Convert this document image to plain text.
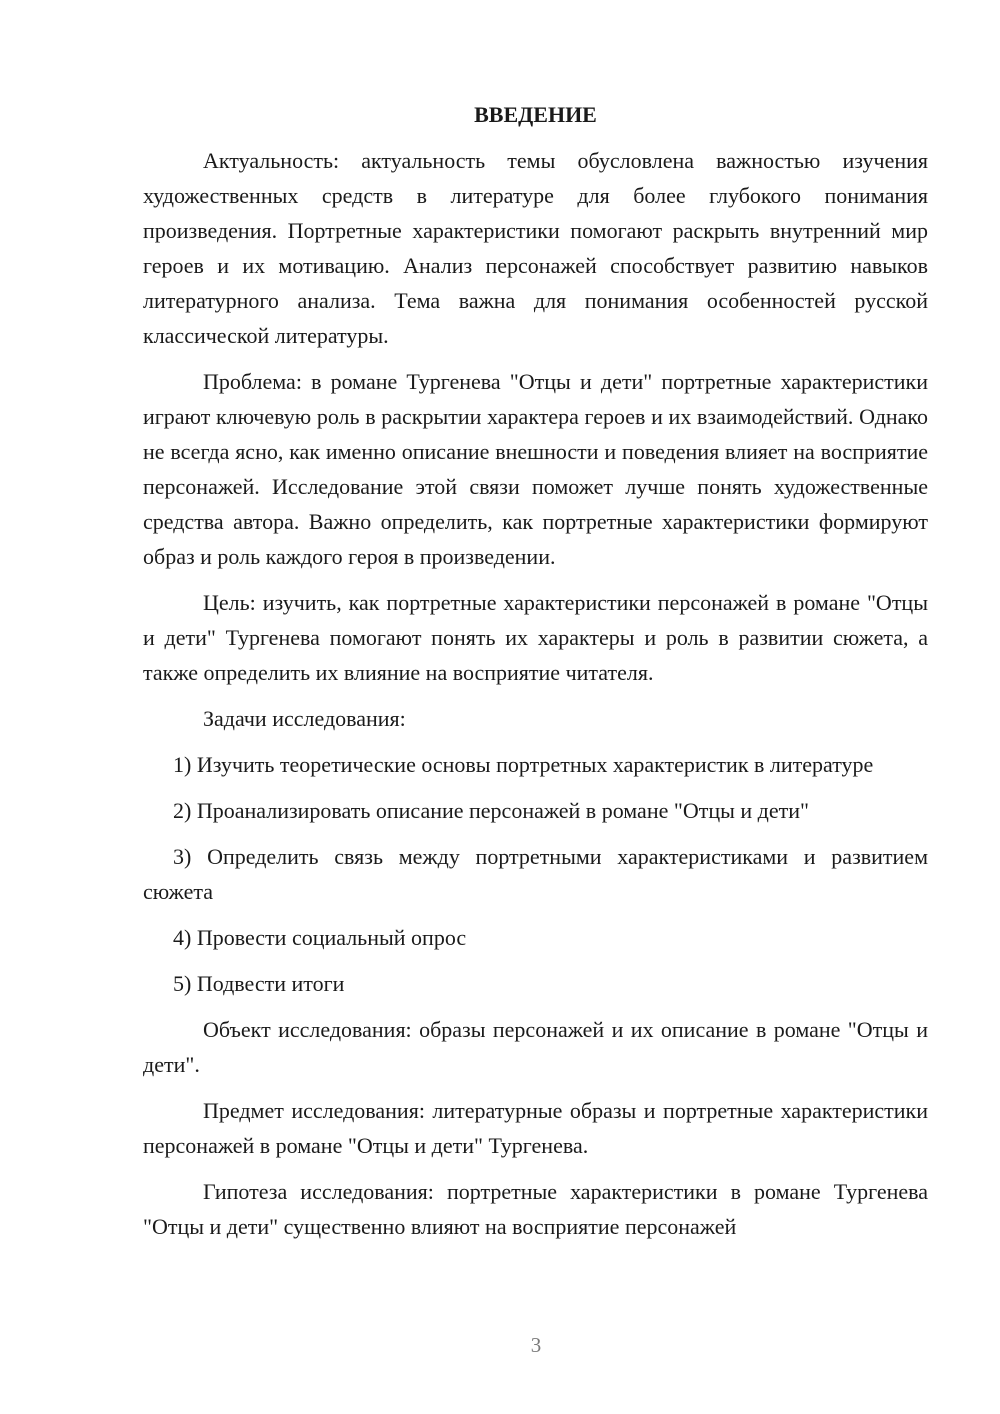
ВВЕДЕНИЕ

Актуальность: актуальность темы обусловлена важностью изучения художественных средств в литературе для более глубокого понимания произведения. Портретные характеристики помогают раскрыть внутренний мир героев и их мотивацию. Анализ персонажей способствует развитию навыков литературного анализа. Тема важна для понимания особенностей русской классической литературы.

Проблема: в романе Тургенева "Отцы и дети" портретные характеристики играют ключевую роль в раскрытии характера героев и их взаимодействий. Однако не всегда ясно, как именно описание внешности и поведения влияет на восприятие персонажей. Исследование этой связи поможет лучше понять художественные средства автора. Важно определить, как портретные характеристики формируют образ и роль каждого героя в произведении.

Цель: изучить, как портретные характеристики персонажей в романе "Отцы и дети" Тургенева помогают понять их характеры и роль в развитии сюжета, а также определить их влияние на восприятие читателя.

Задачи исследования:

1) Изучить теоретические основы портретных характеристик в литературе

2) Проанализировать описание персонажей в романе "Отцы и дети"

3) Определить связь между портретными характеристиками и развитием сюжета

4) Провести социальный опрос

5) Подвести итоги

Объект исследования: образы персонажей и их описание в романе "Отцы и дети".

Предмет исследования: литературные образы и портретные характеристики персонажей в романе "Отцы и дети" Тургенева.

Гипотеза исследования: портретные характеристики в романе Тургенева "Отцы и дети" существенно влияют на восприятие персонажей

3
